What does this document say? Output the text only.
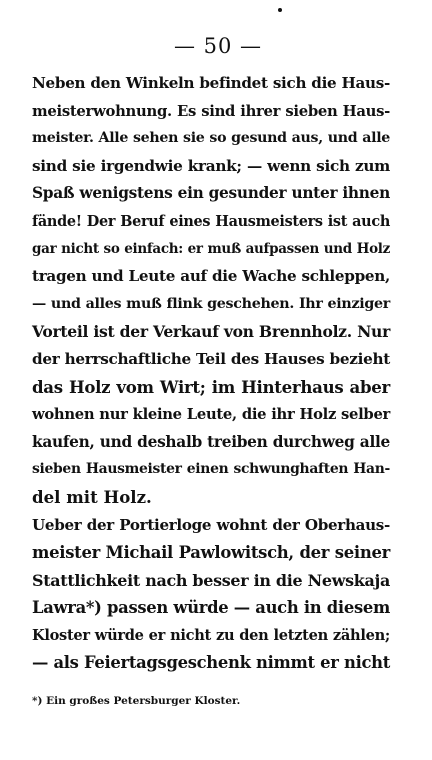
— 50 —
Neben den Winkeln befindet sich die Haus-
meisterwohnung. Es sind ihrer sieben Haus-
meister. Alle sehen sie so gesund aus, und alle
sind sie irgendwie krank; — wenn sich zum
Spaß wenigstens ein gesunder unter ihnen
fände! Der Beruf eines Hausmeisters ist auch
gar nicht so einfach: er muß aufpassen und Holz
tragen und Leute auf die Wache schleppen,
— und alles muß flink geschehen. Ihr einziger
Vorteil ist der Verkauf von Brennholz. Nur
der herrschaftliche Teil des Hauses bezieht
das Holz vom Wirt; im Hinterhaus aber
wohnen nur kleine Leute, die ihr Holz selber
kaufen, und deshalb treiben durchweg alle
sieben Hausmeister einen schwunghaften Han-
del mit Holz.
Ueber der Portierloge wohnt der Oberhaus-
meister Michail Pawlowitsch, der seiner
Stattlichkeit nach besser in die Newskaja
Lawra*) passen würde — auch in diesem
Kloster würde er nicht zu den letzten zählen;
— als Feiertagsgeschenk nimmt er nicht
*) Ein großes Petersburger Kloster.
